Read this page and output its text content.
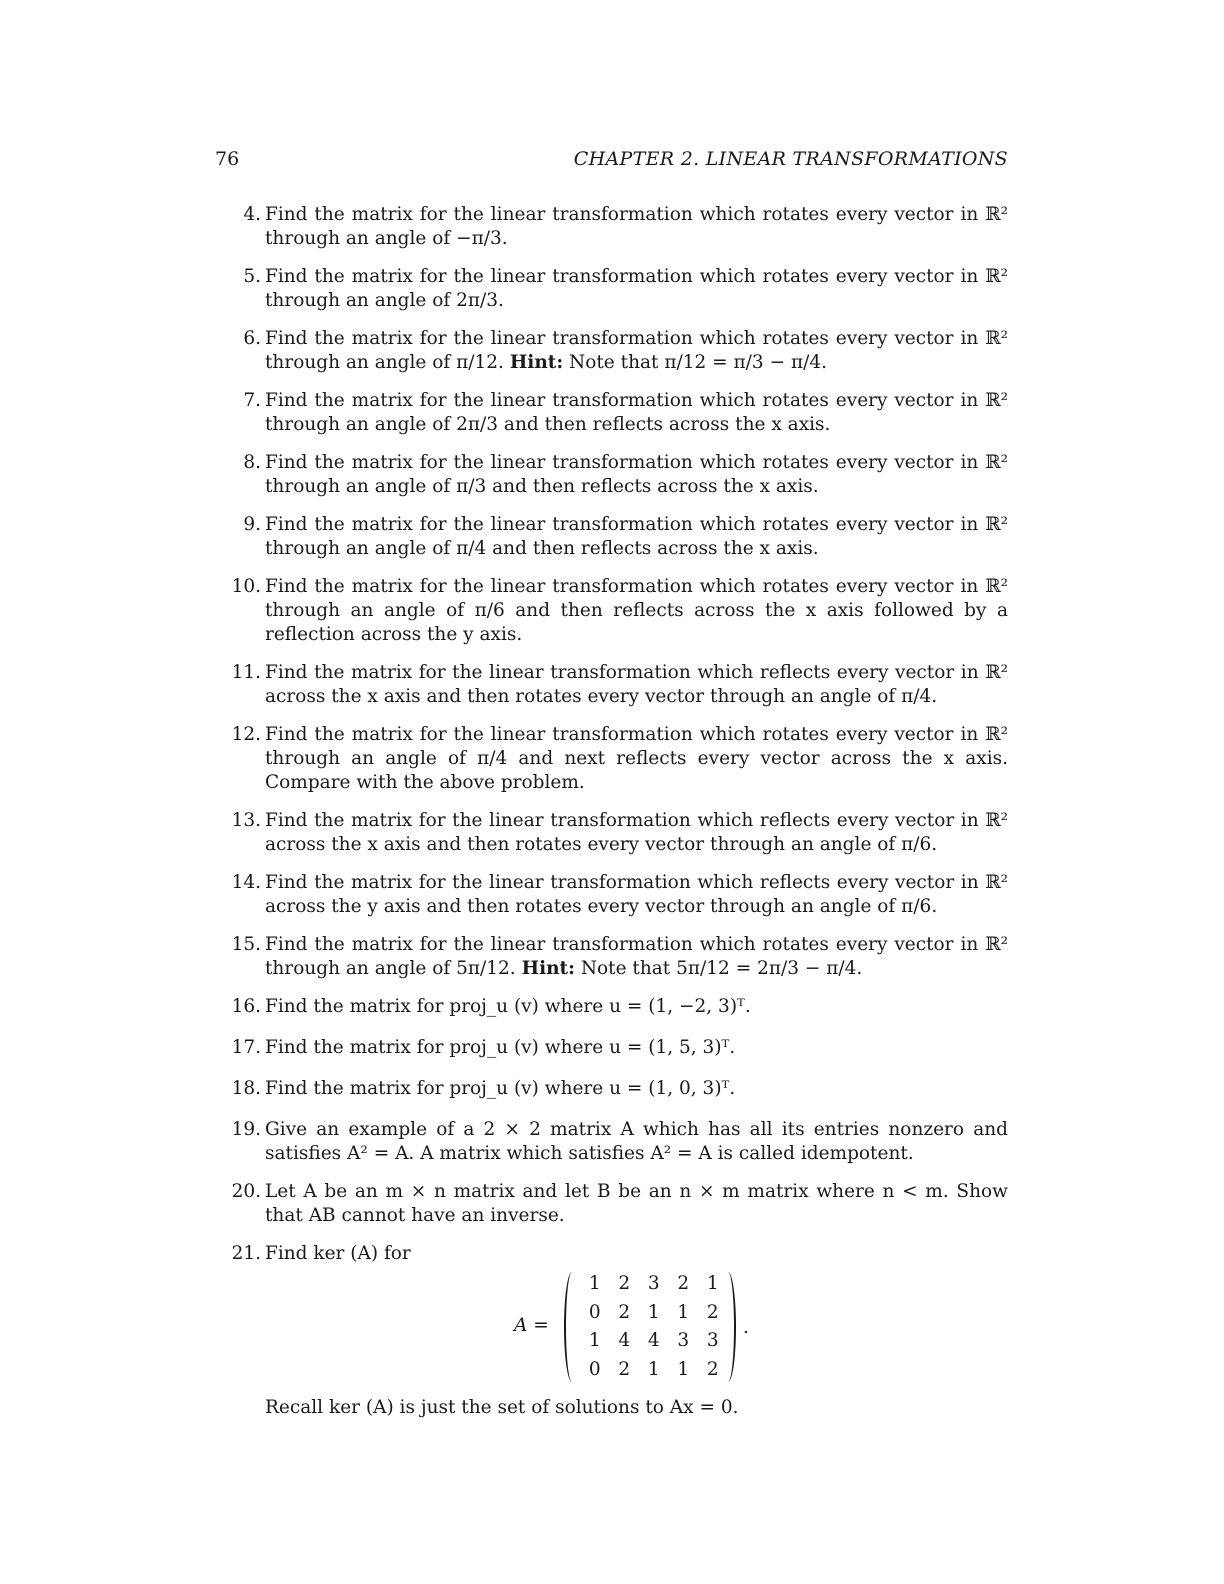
76	CHAPTER 2. LINEAR TRANSFORMATIONS
4. Find the matrix for the linear transformation which rotates every vector in ℝ² through an angle of −π/3.
5. Find the matrix for the linear transformation which rotates every vector in ℝ² through an angle of 2π/3.
6. Find the matrix for the linear transformation which rotates every vector in ℝ² through an angle of π/12. Hint: Note that π/12 = π/3 − π/4.
7. Find the matrix for the linear transformation which rotates every vector in ℝ² through an angle of 2π/3 and then reflects across the x axis.
8. Find the matrix for the linear transformation which rotates every vector in ℝ² through an angle of π/3 and then reflects across the x axis.
9. Find the matrix for the linear transformation which rotates every vector in ℝ² through an angle of π/4 and then reflects across the x axis.
10. Find the matrix for the linear transformation which rotates every vector in ℝ² through an angle of π/6 and then reflects across the x axis followed by a reflection across the y axis.
11. Find the matrix for the linear transformation which reflects every vector in ℝ² across the x axis and then rotates every vector through an angle of π/4.
12. Find the matrix for the linear transformation which rotates every vector in ℝ² through an angle of π/4 and next reflects every vector across the x axis. Compare with the above problem.
13. Find the matrix for the linear transformation which reflects every vector in ℝ² across the x axis and then rotates every vector through an angle of π/6.
14. Find the matrix for the linear transformation which reflects every vector in ℝ² across the y axis and then rotates every vector through an angle of π/6.
15. Find the matrix for the linear transformation which rotates every vector in ℝ² through an angle of 5π/12. Hint: Note that 5π/12 = 2π/3 − π/4.
16. Find the matrix for proj_u (v) where u = (1, −2, 3)ᵀ.
17. Find the matrix for proj_u (v) where u = (1, 5, 3)ᵀ.
18. Find the matrix for proj_u (v) where u = (1, 0, 3)ᵀ.
19. Give an example of a 2 × 2 matrix A which has all its entries nonzero and satisfies A² = A. A matrix which satisfies A² = A is called idempotent.
20. Let A be an m × n matrix and let B be an n × m matrix where n < m. Show that AB cannot have an inverse.
21. Find ker (A) for
A =
1 2 3 2 1
0 2 1 1 2
1 4 4 3 3
0 2 1 1 2
.
Recall ker (A) is just the set of solutions to Ax = 0.
